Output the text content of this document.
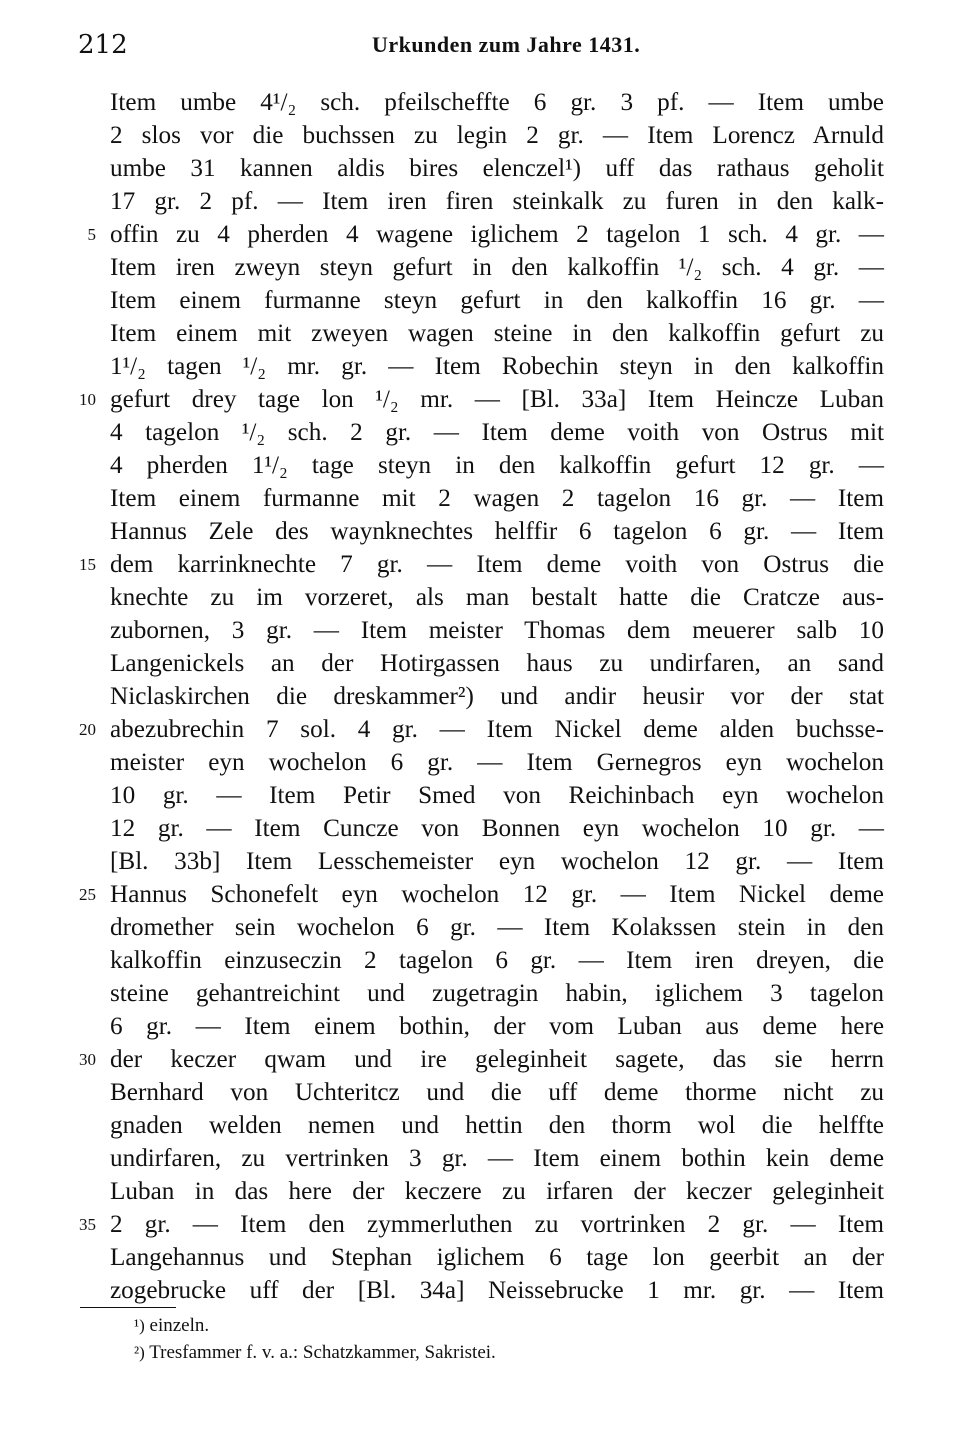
212	Urkunden zum Jahre 1431.
Item umbe 4¹/₂ sch. pfeilscheffte 6 gr. 3 pf. — Item umbe
2 slos vor die buchssen zu legin 2 gr. — Item Lorencz Arnuld
umbe 31 kannen aldis bires elenczel¹) uff das rathaus geholit
17 gr. 2 pf. — Item iren firen steinkalk zu furen in den kalk-
5 offin zu 4 pherden 4 wagene iglichem 2 tagelon 1 sch. 4 gr. —
Item iren zweyn steyn gefurt in den kalkoffin ¹/₂ sch. 4 gr. —
Item einem furmanne steyn gefurt in den kalkoffin 16 gr. —
Item einem mit zweyen wagen steine in den kalkoffin gefurt zu
1¹/₂ tagen ¹/₂ mr. gr. — Item Robechin steyn in den kalkoffin
10 gefurt drey tage lon ¹/₂ mr. — [Bl. 33a] Item Heincze Luban
4 tagelon ¹/₂ sch. 2 gr. — Item deme voith von Ostrus mit
4 pherden 1¹/₂ tage steyn in den kalkoffin gefurt 12 gr. —
Item einem furmanne mit 2 wagen 2 tagelon 16 gr. — Item
Hannus Zele des waynknechtes helffir 6 tagelon 6 gr. — Item
15 dem karrinknechte 7 gr. — Item deme voith von Ostrus die
knechte zu im vorzeret, als man bestalt hatte die Cratcze aus-
zubornen, 3 gr. — Item meister Thomas dem meuerer salb 10
Langenickels an der Hotirgassen haus zu undirfaren, an sand
Niclaskirchen die dreskammer²) und andir heusir vor der stat
20 abezubrechin 7 sol. 4 gr. — Item Nickel deme alden buchsse-
meister eyn wochelon 6 gr. — Item Gernegros eyn wochelon
10 gr. — Item Petir Smed von Reichinbach eyn wochelon
12 gr. — Item Cuncze von Bonnen eyn wochelon 10 gr. —
[Bl. 33b] Item Lesschemeister eyn wochelon 12 gr. — Item
25 Hannus Schonefelt eyn wochelon 12 gr. — Item Nickel deme
dromether sein wochelon 6 gr. — Item Kolakssen stein in den
kalkoffin einzuseczin 2 tagelon 6 gr. — Item iren dreyen, die
steine gehantreichint und zugetragin habin, iglichem 3 tagelon
6 gr. — Item einem bothin, der vom Luban aus deme here
30 der keczer qwam und ire geleginheit sagete, das sie herrn
Bernhard von Uchteritcz und die uff deme thorme nicht zu
gnaden welden nemen und hettin den thorm wol die helffte
undirfaren, zu vertrinken 3 gr. — Item einem bothin kein deme
Luban in das here der keczere zu irfaren der keczer geleginheit
35 2 gr. — Item den zymmerluthen zu vortrinken 2 gr. — Item
Langehannus und Stephan iglichem 6 tage lon geerbit an der
zogebrucke uff der [Bl. 34a] Neissebrucke 1 mr. gr. — Item
¹) einzeln.
²) Tresfammer f. v. a.: Schatzkammer, Sakristei.
